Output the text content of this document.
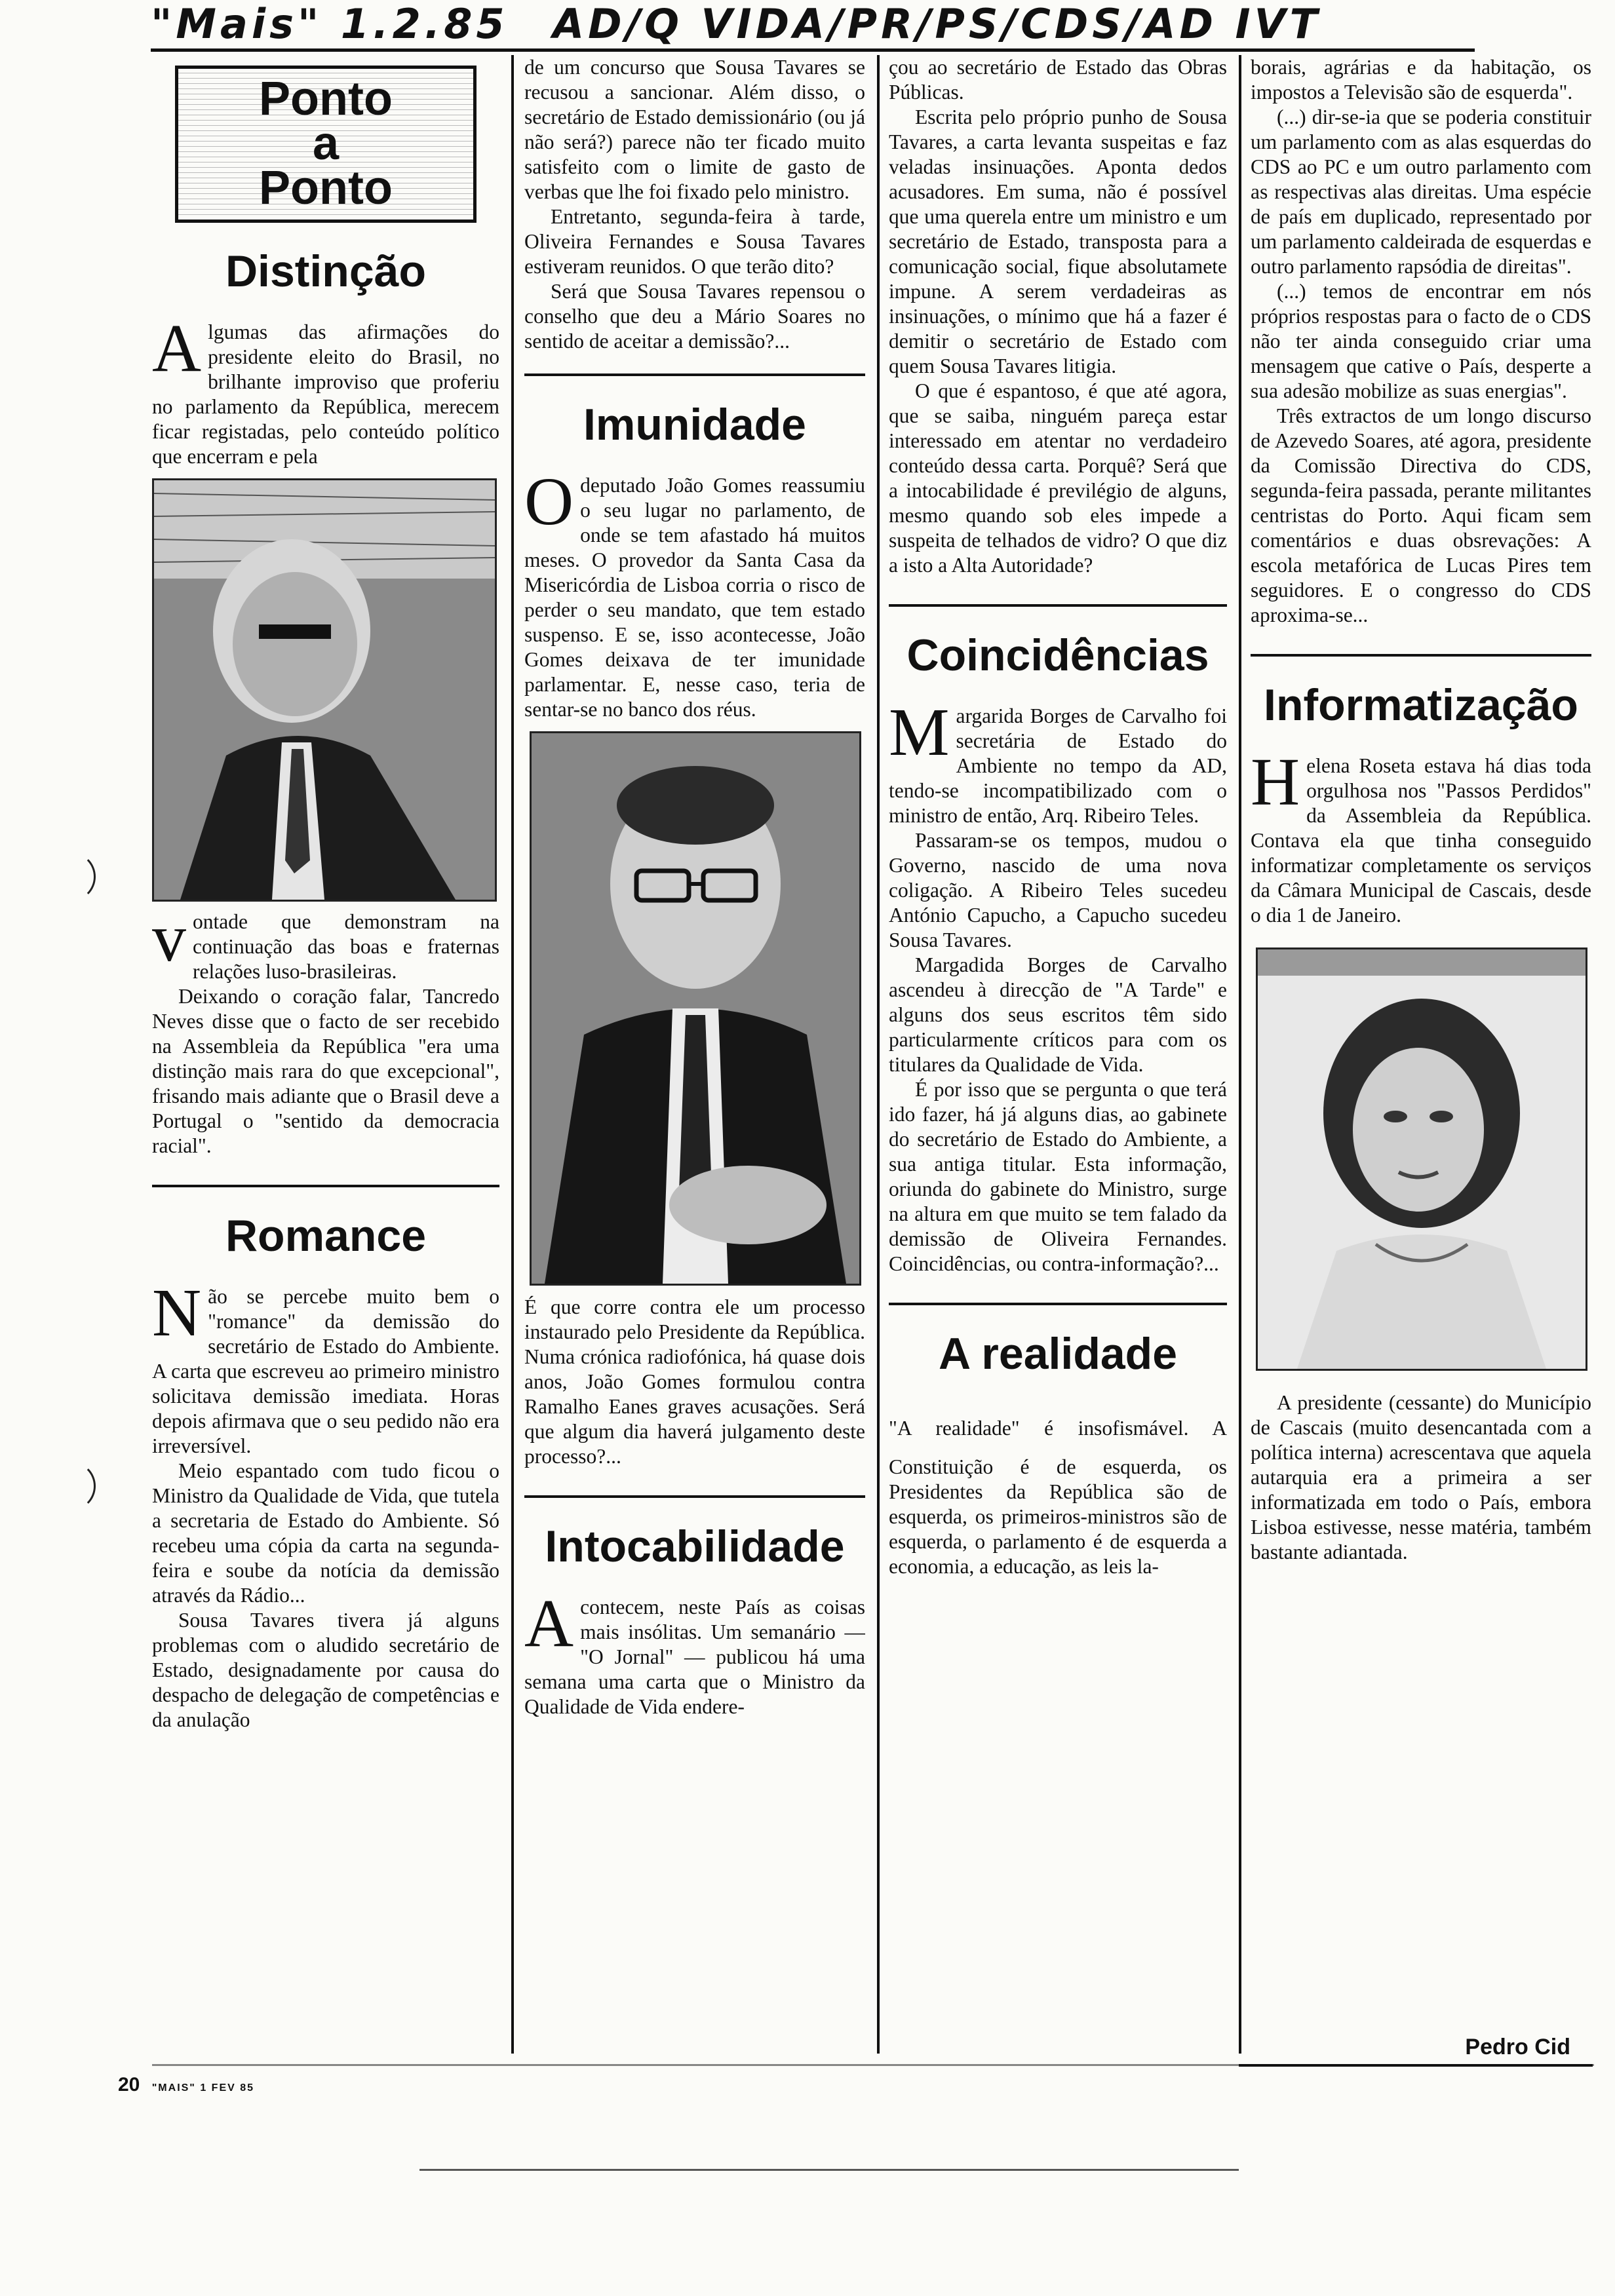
"Mais" 1.2.85 AD/Q VIDA/PR/PS/CDS/AD IVT
Ponto
a
Ponto
Distinção

Algumas das afirmações do presidente eleito do Brasil, no brilhante improviso que proferiu no parlamento da República, merecem ficar registadas, pelo conteúdo político que encerram e pela

vontade que demonstram na continuação das boas e fraternas relações luso-brasileiras.

Deixando o coração falar, Tancredo Neves disse que o facto de ser recebido na Assembleia da República "era uma distinção mais rara do que excepcional", frisando mais adiante que o Brasil deve a Portugal o "sentido da democracia racial".

Romance

Não se percebe muito bem o "romance" da demissão do secretário de Estado do Ambiente. A carta que escreveu ao primeiro ministro solicitava demissão imediata. Horas depois afirmava que o seu pedido não era irreversível.

Meio espantado com tudo ficou o Ministro da Qualidade de Vida, que tutela a secretaria de Estado do Ambiente. Só recebeu uma cópia da carta na segunda-feira e soube da notícia da demissão através da Rádio...

Sousa Tavares tivera já alguns problemas com o aludido secretário de Estado, designadamente por causa do despacho de delegação de competências e da anulação

de um concurso que Sousa Tavares se recusou a sancionar. Além disso, o secretário de Estado demissionário (ou já não será?) parece não ter ficado muito satisfeito com o limite de gasto de verbas que lhe foi fixado pelo ministro.

Entretanto, segunda-feira à tarde, Oliveira Fernandes e Sousa Tavares estiveram reunidos. O que terão dito?

Será que Sousa Tavares repensou o conselho que deu a Mário Soares no sentido de aceitar a demissão?...

Imunidade

Odeputado João Gomes reassumiu o seu lugar no parlamento, de onde se tem afastado há muitos meses. O provedor da Santa Casa da Misericórdia de Lisboa corria o risco de perder o seu mandato, que tem estado suspenso. E se, isso acontecesse, João Gomes deixava de ter imunidade parlamentar. E, nesse caso, teria de sentar-se no banco dos réus.

É que corre contra ele um processo instaurado pelo Presidente da República. Numa crónica radiofónica, há quase dois anos, João Gomes formulou contra Ramalho Eanes graves acusações. Será que algum dia haverá julgamento deste processo?...

Intocabilidade

Acontecem, neste País as coisas mais insólitas. Um semanário — "O Jornal" — publicou há uma semana uma carta que o Ministro da Qualidade de Vida endere-

çou ao secretário de Estado das Obras Públicas.

Escrita pelo próprio punho de Sousa Tavares, a carta levanta suspeitas e faz veladas insinuações. Aponta dedos acusadores. Em suma, não é possível que uma querela entre um ministro e um secretário de Estado, transposta para a comunicação social, fique absolutamete impune. A serem verdadeiras as insinuações, o mínimo que há a fazer é demitir o secretário de Estado com quem Sousa Tavares litigia.

O que é espantoso, é que até agora, que se saiba, ninguém pareça estar interessado em atentar no verdadeiro conteúdo dessa carta. Porquê? Será que a intocabilidade é previlégio de alguns, mesmo quando sob eles impede a suspeita de telhados de vidro? O que diz a isto a Alta Autoridade?

Coincidências

Margarida Borges de Carvalho foi secretária de Estado do Ambiente no tempo da AD, tendo-se incompatibilizado com o ministro de então, Arq. Ribeiro Teles.

Passaram-se os tempos, mudou o Governo, nascido de uma nova coligação. A Ribeiro Teles sucedeu António Capucho, a Capucho sucedeu Sousa Tavares.

Margadida Borges de Carvalho ascendeu à direcção de "A Tarde" e alguns dos seus escritos têm sido particularmente críticos para com os titulares da Qualidade de Vida.

É por isso que se pergunta o que terá ido fazer, há já alguns dias, ao gabinete do secretário de Estado do Ambiente, a sua antiga titular. Esta informação, oriunda do gabinete do Ministro, surge na altura em que muito se tem falado da demissão de Oliveira Fernandes. Coincidências, ou contra-informação?...

A realidade

"A realidade" é insofismável. A Constituição é de esquerda, os Presidentes da República são de esquerda, os primeiros-ministros são de esquerda, o parlamento é de esquerda a economia, a educação, as leis la-

borais, agrárias e da habitação, os impostos a Televisão são de esquerda".

(...) dir-se-ia que se poderia constituir um parlamento com as alas esquerdas do CDS ao PC e um outro parlamento com as respectivas alas direitas. Uma espécie de país em duplicado, representado por um parlamento caldeirada de esquerdas e outro parlamento rapsódia de direitas".

(...) temos de encontrar em nós próprios respostas para o facto de o CDS não ter ainda conseguido criar uma mensagem que cative o País, desperte a sua adesão mobilize as suas energias".

Três extractos de um longo discurso de Azevedo Soares, até agora, presidente da Comissão Directiva do CDS, segunda-feira passada, perante militantes centristas do Porto. Aqui ficam sem comentários e duas obsrevações: A escola metafórica de Lucas Pires tem seguidores. E o congresso do CDS aproxima-se...

Informatização

Helena Roseta estava há dias toda orgulhosa nos "Passos Perdidos" da Assembleia da República. Contava ela que tinha conseguido informatizar completamente os serviços da Câmara Municipal de Cascais, desde o dia 1 de Janeiro.

A presidente (cessante) do Município de Cascais (muito desencantada com a política interna) acrescentava que aquela autarquia era a primeira a ser informatizada em todo o País, embora Lisboa estivesse, nesse matéria, também bastante adiantada.

Pedro Cid
20 "MAIS" 1 FEV 85
